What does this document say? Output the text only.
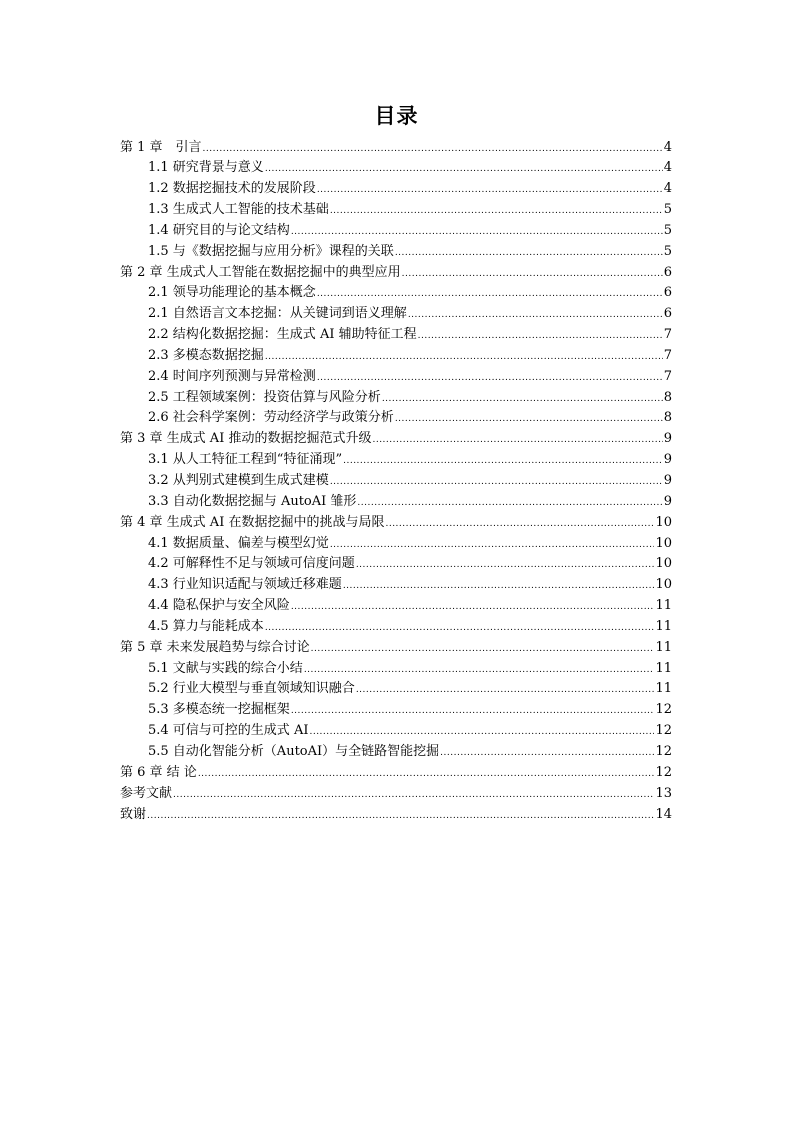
目录
第 1 章　引言 .....	4
1.1 研究背景与意义 .....	4
1.2 数据挖掘技术的发展阶段 .....	4
1.3 生成式人工智能的技术基础 .....	5
1.4 研究目的与论文结构 .....	5
1.5 与《数据挖掘与应用分析》课程的关联 .....	5
第 2 章 生成式人工智能在数据挖掘中的典型应用 .....	6
2.1 领导功能理论的基本概念 .....	6
2.1 自然语言文本挖掘：从关键词到语义理解 .....	6
2.2 结构化数据挖掘：生成式 AI 辅助特征工程 .....	7
2.3 多模态数据挖掘 .....	7
2.4 时间序列预测与异常检测 .....	7
2.5 工程领域案例：投资估算与风险分析 .....	8
2.6 社会科学案例：劳动经济学与政策分析 .....	8
第 3 章 生成式 AI 推动的数据挖掘范式升级 .....	9
3.1 从人工特征工程到“特征涌现” .....	9
3.2 从判别式建模到生成式建模 .....	9
3.3 自动化数据挖掘与 AutoAI 雏形 .....	9
第 4 章 生成式 AI 在数据挖掘中的挑战与局限 .....	10
4.1 数据质量、偏差与模型幻觉 .....	10
4.2 可解释性不足与领域可信度问题 .....	10
4.3 行业知识适配与领域迁移难题 .....	10
4.4 隐私保护与安全风险 .....	11
4.5 算力与能耗成本 .....	11
第 5 章 未来发展趋势与综合讨论 .....	11
5.1 文献与实践的综合小结 .....	11
5.2 行业大模型与垂直领域知识融合 .....	11
5.3 多模态统一挖掘框架 .....	12
5.4 可信与可控的生成式 AI .....	12
5.5 自动化智能分析（AutoAI）与全链路智能挖掘 .....	12
第 6 章 结 论 .....	12
参考文献 .....	13
致谢 .....	14
